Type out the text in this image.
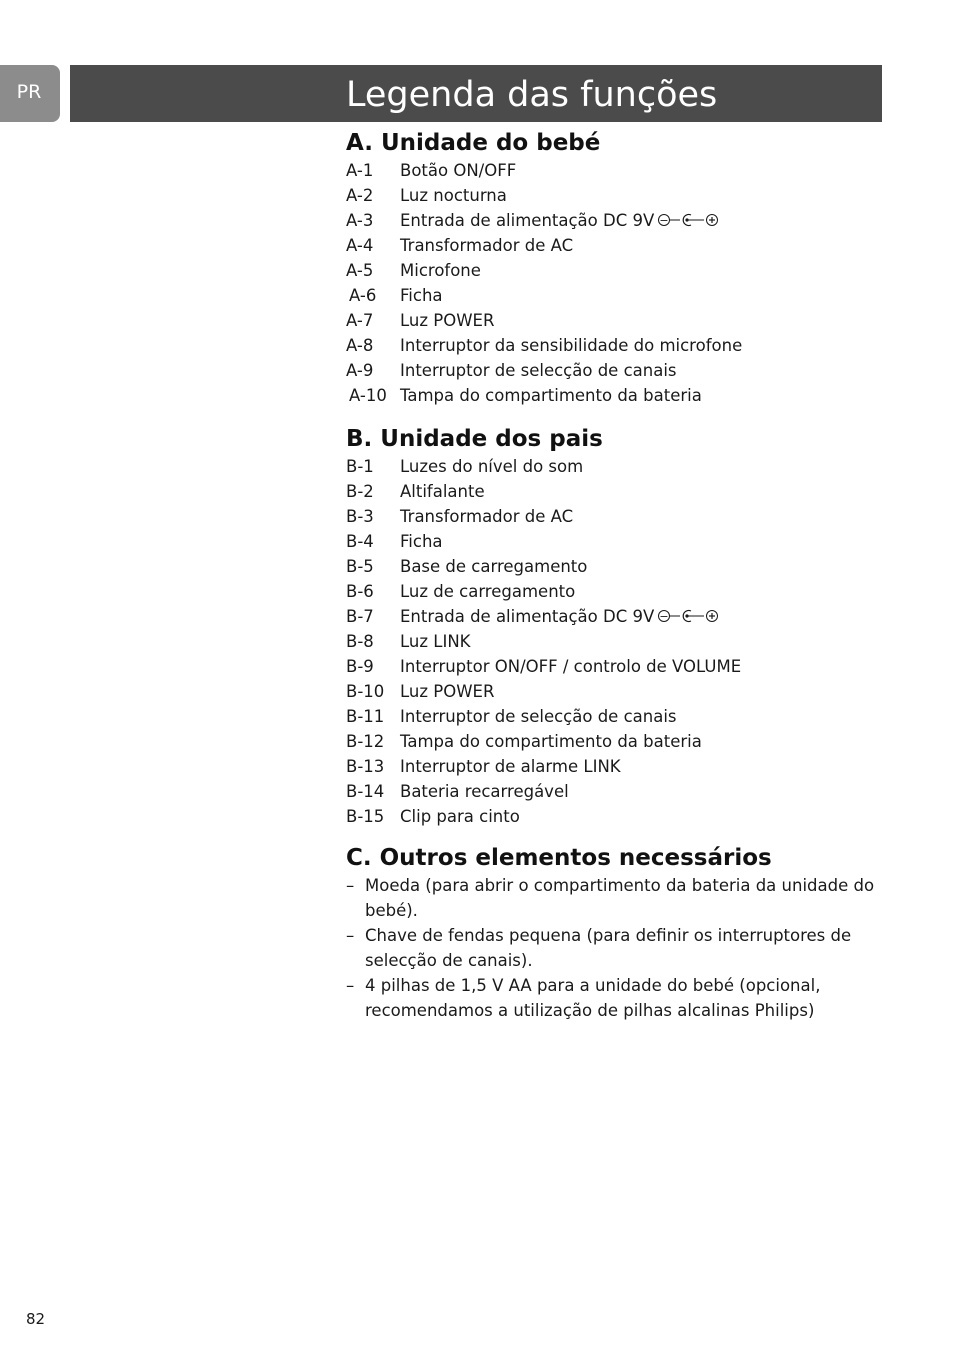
PR	Legenda das funções
A. Unidade do bebé
A-1 Botão ON/OFF
A-2 Luz nocturna
A-3 Entrada de alimentação DC 9V −
A-4 Transformador de AC
A-5 Microfone
A-6 Ficha
A-7 Luz POWER
A-8 Interruptor da sensibilidade do microfone
A-9 Interruptor de selecção de canais
A-10 Tampa do compartimento da bateria
B. Unidade dos pais
B-1 Luzes do nível do som
B-2 Altifalante
B-3 Transformador de AC
B-4 Ficha
B-5 Base de carregamento
B-6 Luz de carregamento
B-7 Entrada de alimentação DC 9V −
B-8 Luz LINK
B-9 Interruptor ON/OFF / controlo de VOLUME
B-10 Luz POWER
B-11 Interruptor de selecção de canais
B-12 Tampa do compartimento da bateria
B-13 Interruptor de alarme LINK
B-14 Bateria recarregável
B-15 Clip para cinto
C. Outros elementos necessários
– Moeda (para abrir o compartimento da bateria da unidade do
bebé).
– Chave de fendas pequena (para definir os interruptores de
selecção de canais).
– 4 pilhas de 1,5 V AA para a unidade do bebé (opcional,
recomendamos a utilização de pilhas alcalinas Philips)
82
